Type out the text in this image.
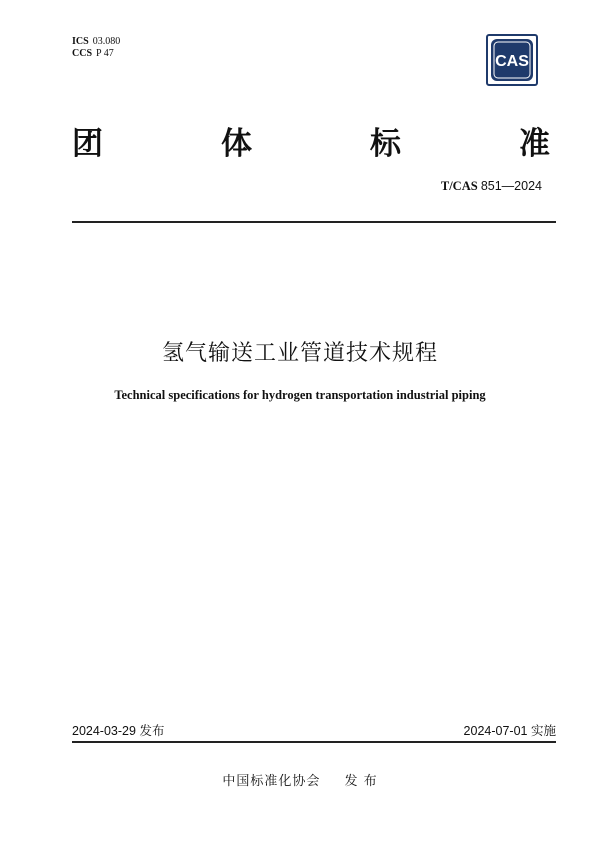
ICS 03.080
CCS P 47	CAS
团	体	标	准
T/CAS 851—2024
氢气输送工业管道技术规程
Technical specifications for hydrogen transportation industrial piping
2024-03-29 发布	2024-07-01 实施
中国标准化协会 发 布
